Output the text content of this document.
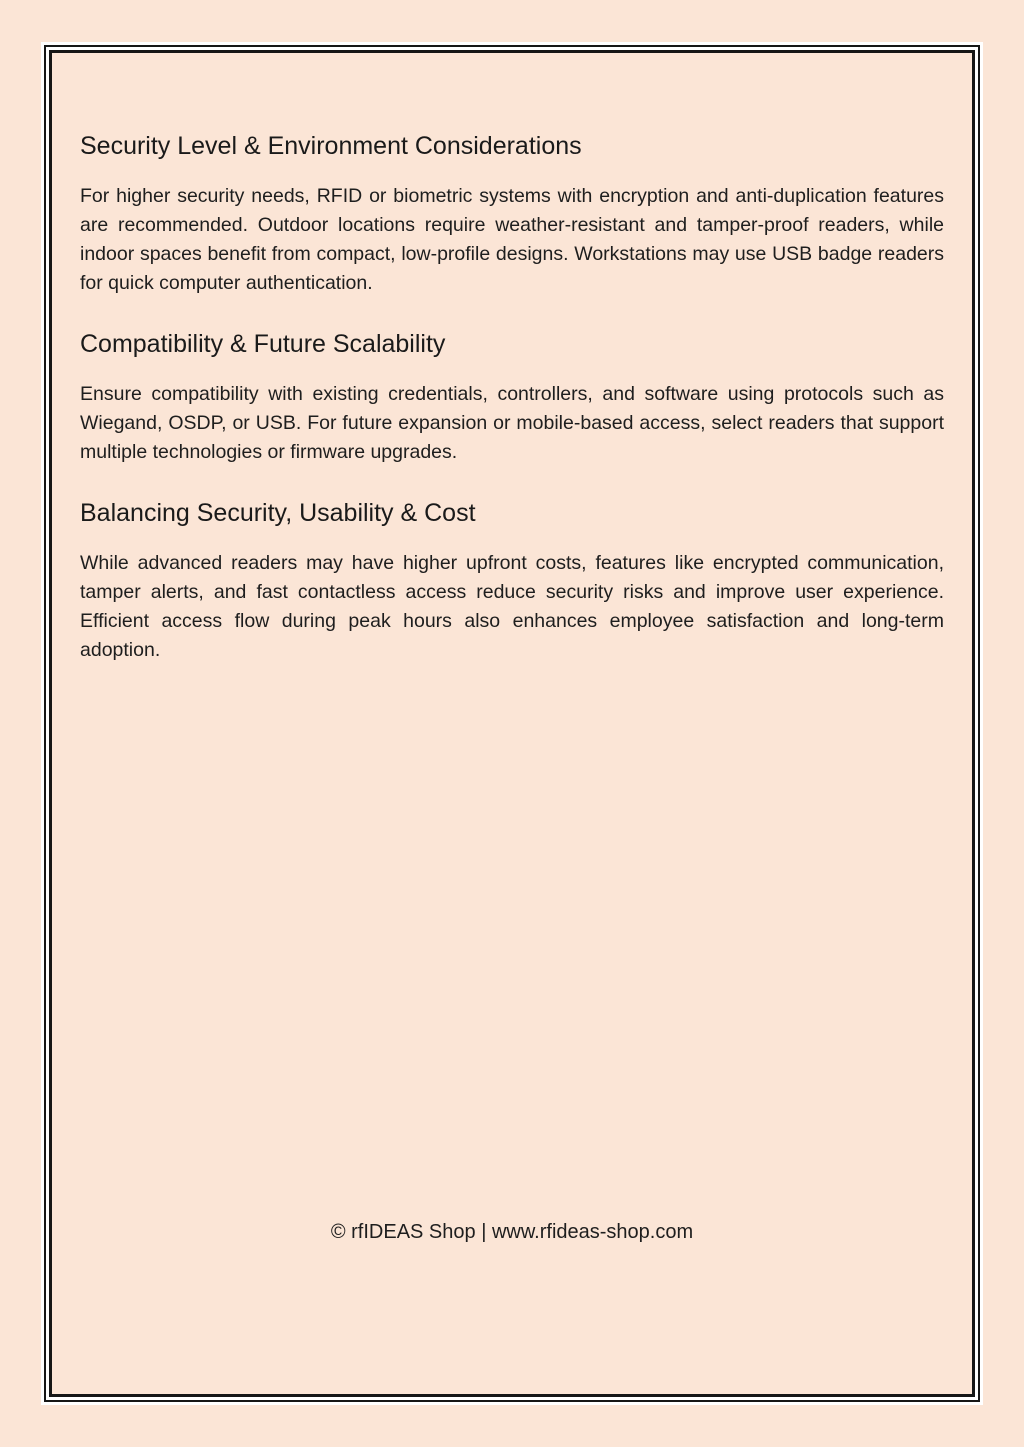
Security Level & Environment Considerations

For higher security needs, RFID or biometric systems with encryption and anti-duplication features are recommended. Outdoor locations require weather-resistant and tamper-proof readers, while indoor spaces benefit from compact, low-profile designs. Workstations may use USB badge readers for quick computer authentication.

Compatibility & Future Scalability

Ensure compatibility with existing credentials, controllers, and software using protocols such as Wiegand, OSDP, or USB. For future expansion or mobile-based access, select readers that support multiple technologies or firmware upgrades.

Balancing Security, Usability & Cost

While advanced readers may have higher upfront costs, features like encrypted communication, tamper alerts, and fast contactless access reduce security risks and improve user experience. Efficient access flow during peak hours also enhances employee satisfaction and long-term adoption.

© rfIDEAS Shop | www.rfideas-shop.com
